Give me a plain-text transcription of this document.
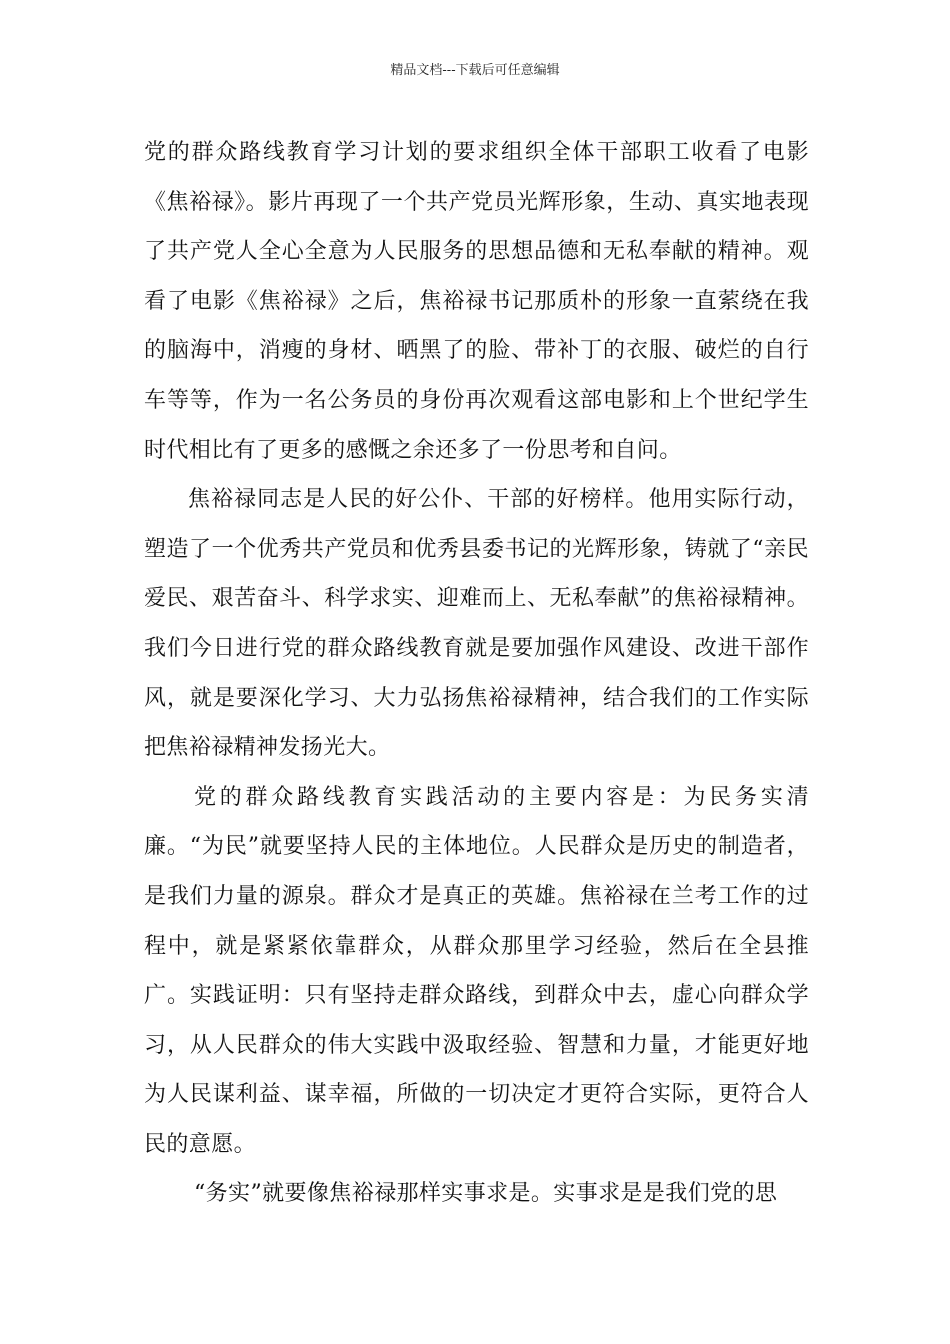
精品文档---下载后可任意编辑

党的群众路线教育学习计划的要求组织全体干部职工收看了电影《焦裕禄》。影片再现了一个共产党员光辉形象，生动、真实地表现了共产党人全心全意为人民服务的思想品德和无私奉献的精神。观看了电影《焦裕禄》之后，焦裕禄书记那质朴的形象一直萦绕在我的脑海中，消瘦的身材、晒黑了的脸、带补丁的衣服、破烂的自行车等等，作为一名公务员的身份再次观看这部电影和上个世纪学生时代相比有了更多的感慨之余还多了一份思考和自问。

焦裕禄同志是人民的好公仆、干部的好榜样。他用实际行动，塑造了一个优秀共产党员和优秀县委书记的光辉形象，铸就了“亲民爱民、艰苦奋斗、科学求实、迎难而上、无私奉献”的焦裕禄精神。我们今日进行党的群众路线教育就是要加强作风建设、改进干部作风，就是要深化学习、大力弘扬焦裕禄精神，结合我们的工作实际把焦裕禄精神发扬光大。

党的群众路线教育实践活动的主要内容是：为民务实清廉。“为民”就要坚持人民的主体地位。人民群众是历史的制造者，是我们力量的源泉。群众才是真正的英雄。焦裕禄在兰考工作的过程中，就是紧紧依靠群众，从群众那里学习经验，然后在全县推广。实践证明：只有坚持走群众路线，到群众中去，虚心向群众学习，从人民群众的伟大实践中汲取经验、智慧和力量，才能更好地为人民谋利益、谋幸福，所做的一切决定才更符合实际，更符合人民的意愿。

“务实”就要像焦裕禄那样实事求是。实事求是是我们党的思
